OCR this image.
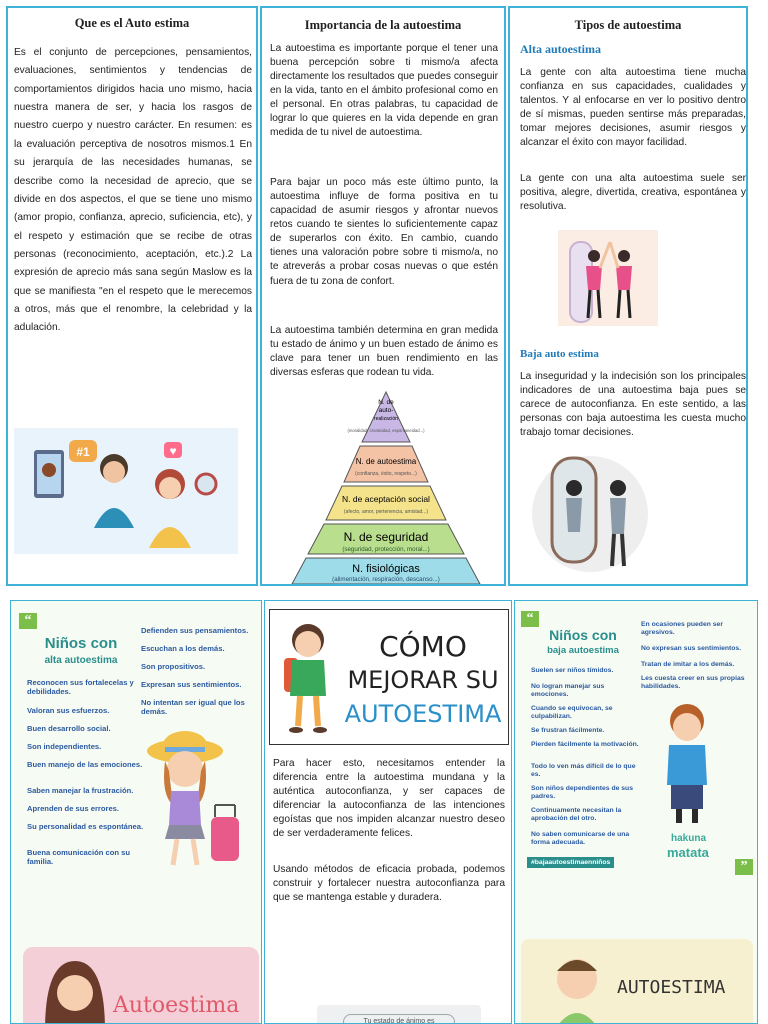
Que es el Auto estima
Es el conjunto de percepciones, pensamientos, evaluaciones, sentimientos y tendencias de comportamientos dirigidos hacia uno mismo, hacia nuestra manera de ser, y hacia los rasgos de nuestro cuerpo y nuestro carácter. En resumen: es la evaluación perceptiva de nosotros mismos.1 En su jerarquía de las necesidades humanas, se describe como la necesidad de aprecio, que se divide en dos aspectos, el que se tiene uno mismo (amor propio, confianza, aprecio, suficiencia, etc), y el respeto y estimación que se recibe de otras personas (reconocimiento, aceptación, etc.).2 La expresión de aprecio más sana según Maslow es la que se manifiesta "en el respeto que le merecemos a otros, más que el renombre, la celebridad y la adulación.
#1	♥
Importancia de la autoestima
La autoestima es importante porque el tener una buena percepción sobre ti mismo/a afecta directamente los resultados que puedes conseguir en la vida, tanto en el ámbito profesional como en el personal. En otras palabras, tu capacidad de lograr lo que quieres en la vida depende en gran medida de tu nivel de autoestima.
Para bajar un poco más este último punto, la autoestima influye de forma positiva en tu capacidad de asumir riesgos y afrontar nuevos retos cuando te sientes lo suficientemente capaz de superarlos con éxito. En cambio, cuando tienes una valoración pobre sobre ti mismo/a, no te atreverás a probar cosas nuevas o que estén fuera de tu zona de confort.
La autoestima también determina en gran medida tu estado de ánimo y un buen estado de ánimo es clave para tener un buen rendimiento en las diversas esferas que rodean tu vida.
N. de
auto-
realización
(moralidad, creatividad, espontaneidad...)
N. de autoestima
(confianza, éxito, respeto...)
N. de aceptación social
(afecto, amor, pertenencia, amistad...)
N. de seguridad
(seguridad, protección, moral...)
N. fisiológicas
(alimentación, respiración, descanso...)
Tipos de autoestima
Alta autoestima
La gente con alta autoestima tiene mucha confianza en sus capacidades, cualidades y talentos. Y al enfocarse en ver lo positivo dentro de sí mismas, pueden sentirse más preparadas, tomar mejores decisiones, asumir riesgos y alcanzar el éxito con mayor facilidad.
La gente con una alta autoestima suele ser positiva, alegre, divertida, creativa, espontánea y resolutiva.
Baja auto estima
La inseguridad y la indecisión son los principales indicadores de una autoestima baja pues se carece de autoconfianza. En este sentido, a las personas con baja autoestima les cuesta mucho trabajo tomar decisiones.
“
Niños con
alta autoestima
Reconocen sus fortalecelas y debilidades.
Valoran sus esfuerzos.
Buen desarrollo social.
Son independientes.
Buen manejo de las emociones.
Saben manejar la frustración.
Aprenden de sus errores.
Su personalidad es espontánea.
Buena comunicación con su familia.
Defienden sus pensamientos.
Escuchan a los demás.
Son propositivos.
Expresan sus sentimientos.
No intentan ser igual que los demás.
Autoestima
CÓMO
MEJORAR SU
AUTOESTIMA
Para hacer esto, necesitamos entender la diferencia entre la autoestima mundana y la auténtica autoconfianza, y ser capaces de diferenciar la autoconfianza de las intenciones egoístas que nos impiden alcanzar nuestro deseo de ser verdaderamente felices.
Usando métodos de eficacia probada, podemos construir y fortalecer nuestra autoconfianza para que se mantenga estable y duradera.
Tu estado de ánimo es
“
Niños con
baja autoestima
Suelen ser niños tímidos.
No logran manejar sus emociones.
Cuando se equivocan, se culpabilizan.
Se frustran fácilmente.
Pierden fácilmente la motivación.
Todo lo ven más difícil de lo que es.
Son niños dependientes de sus padres.
Continuamente necesitan la aprobación del otro.
No saben comunicarse de una forma adecuada.
#bajaautoestimaenniños
En ocasiones pueden ser agresivos.
No expresan sus sentimientos.
Tratan de imitar a los demás.
Les cuesta creer en sus propias habilidades.
hakuna
matata
”
AUTOESTIMA
